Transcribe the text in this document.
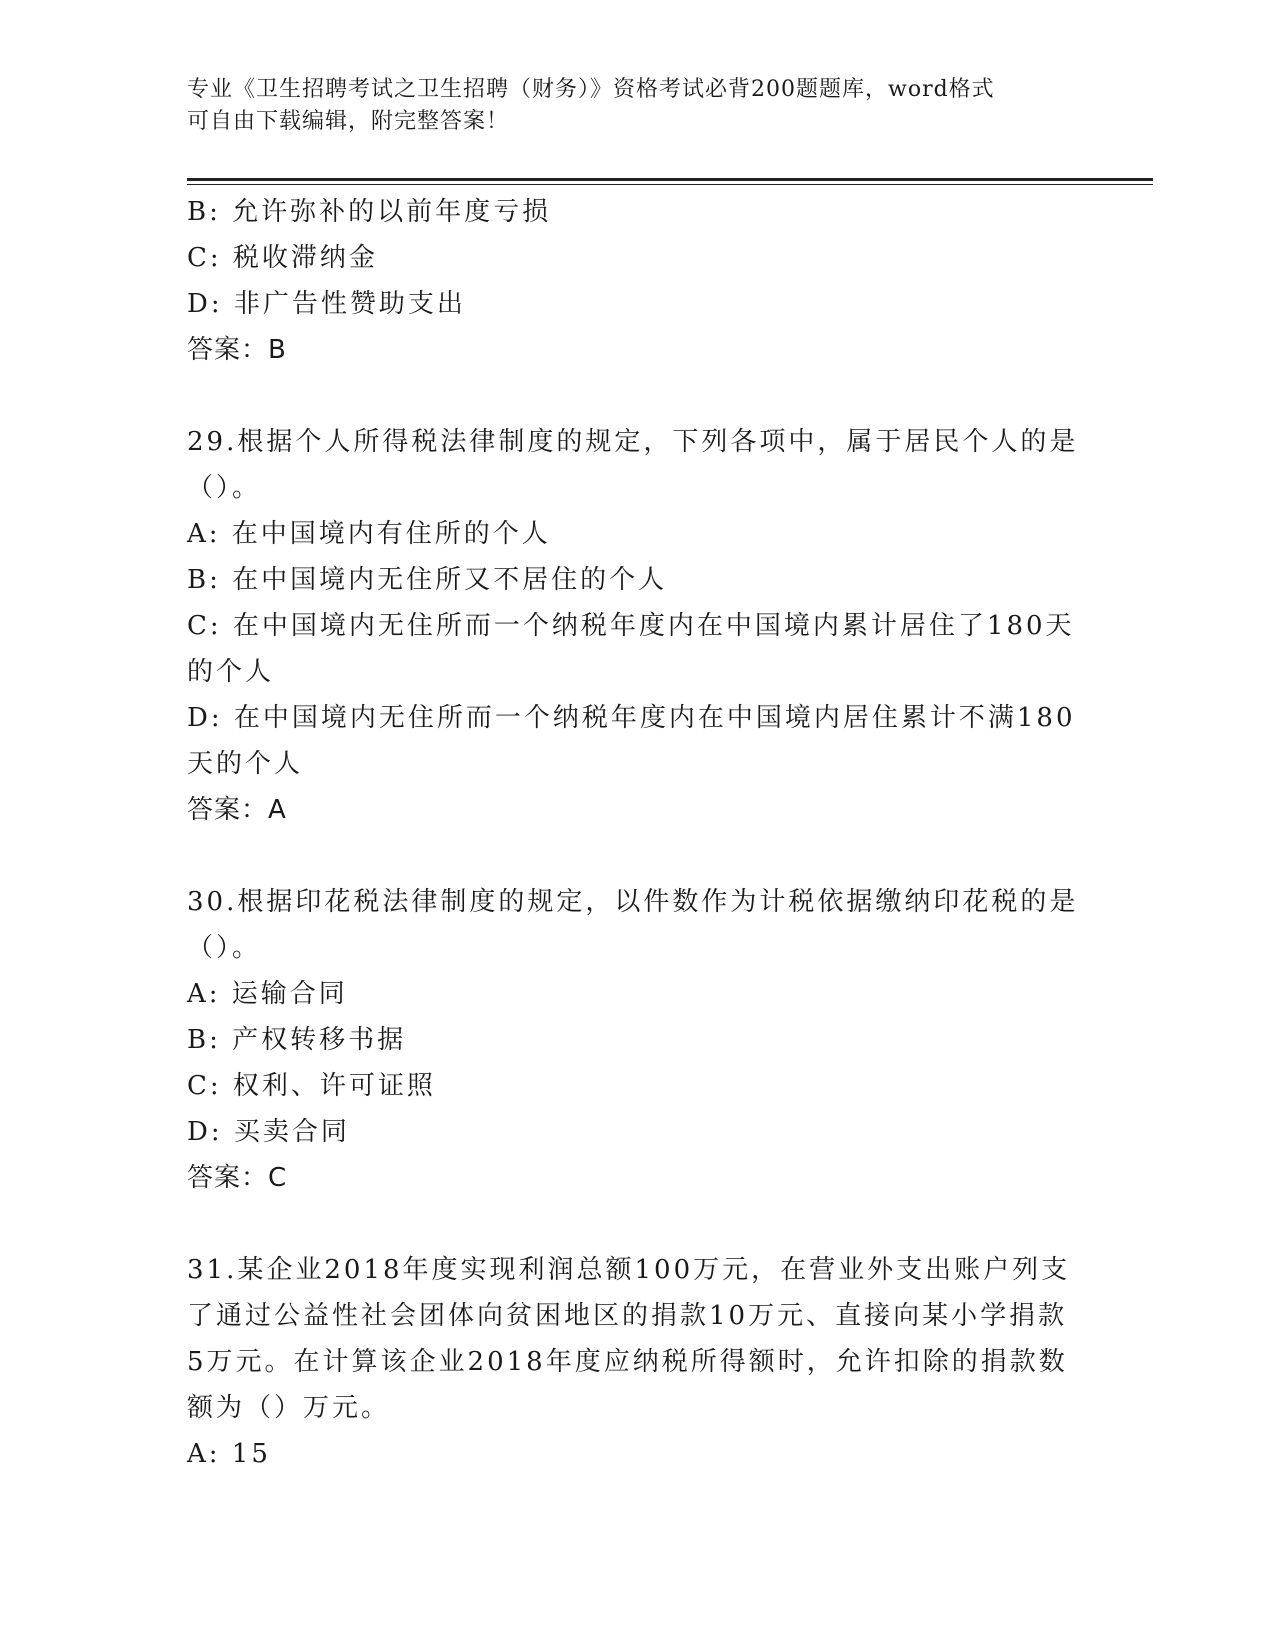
专业《卫生招聘考试之卫生招聘（财务）》资格考试必背200题题库，word格式
可自由下载编辑，附完整答案！
B: 允许弥补的以前年度亏损
C: 税收滞纳金
D: 非广告性赞助支出
答案：B
29.根据个人所得税法律制度的规定，下列各项中，属于居民个人的是
（）。
A: 在中国境内有住所的个人
B: 在中国境内无住所又不居住的个人
C: 在中国境内无住所而一个纳税年度内在中国境内累计居住了180天
的个人
D: 在中国境内无住所而一个纳税年度内在中国境内居住累计不满180
天的个人
答案：A
30.根据印花税法律制度的规定，以件数作为计税依据缴纳印花税的是
（）。
A: 运输合同
B: 产权转移书据
C: 权利、许可证照
D: 买卖合同
答案：C
31.某企业2018年度实现利润总额100万元，在营业外支出账户列支
了通过公益性社会团体向贫困地区的捐款10万元、直接向某小学捐款
5万元。在计算该企业2018年度应纳税所得额时，允许扣除的捐款数
额为（）万元。
A: 15
